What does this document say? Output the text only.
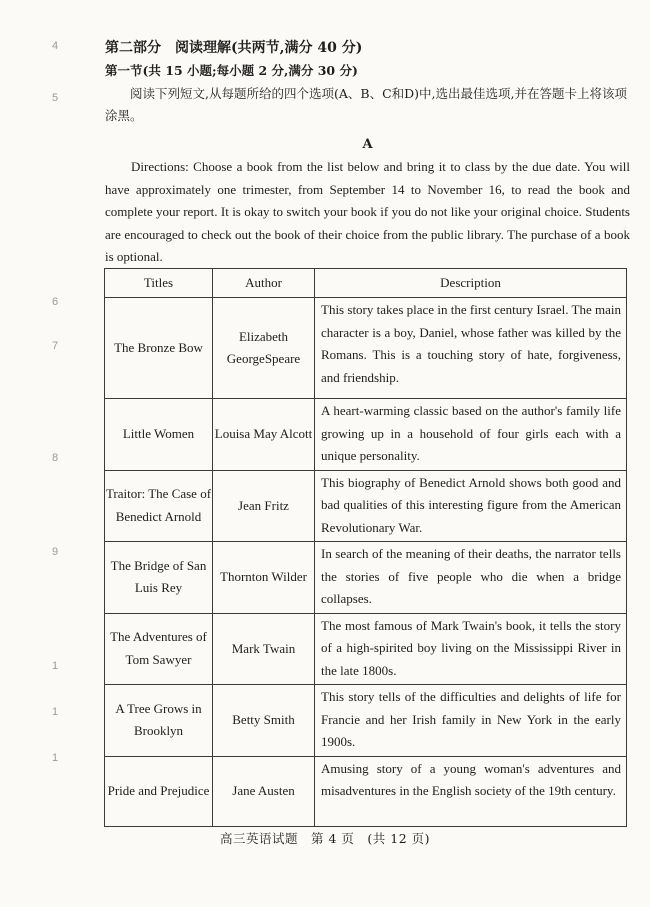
4
5
6
7
8
9
1
1
1

第二部分　阅读理解(共两节,满分 40 分)

第一节(共 15 小题;每小题 2 分,满分 30 分)

阅读下列短文,从每题所给的四个选项(A、B、C和D)中,选出最佳选项,并在答题卡上将该项涂黑。

A

Directions: Choose a book from the list below and bring it to class by the due date. You will have approximately one trimester, from September 14 to November 16, to read the book and complete your report. It is okay to switch your book if you do not like your original choice. Students are encouraged to check out the book of their choice from the public library. The purchase of a book is optional.

Titles	Author	Description
The Bronze Bow	Elizabeth GeorgeSpeare	This story takes place in the first century Israel. The main character is a boy, Daniel, whose father was killed by the Romans. This is a touching story of hate, forgiveness, and friendship.
Little Women	Louisa May Alcott	A heart-warming classic based on the author's family life growing up in a household of four girls each with a unique personality.
Traitor: The Case of Benedict Arnold	Jean Fritz	This biography of Benedict Arnold shows both good and bad qualities of this interesting figure from the American Revolutionary War.
The Bridge of San Luis Rey	Thornton Wilder	In search of the meaning of their deaths, the narrator tells the stories of five people who die when a bridge collapses.
The Adventures of Tom Sawyer	Mark Twain	The most famous of Mark Twain's book, it tells the story of a high-spirited boy living on the Mississippi River in the late 1800s.
A Tree Grows in Brooklyn	Betty Smith	This story tells of the difficulties and delights of life for Francie and her Irish family in New York in the early 1900s.
Pride and Prejudice	Jane Austen	Amusing story of a young woman's adventures and misadventures in the English society of the 19th century.
高三英语试题　第 4 页　(共 12 页)
